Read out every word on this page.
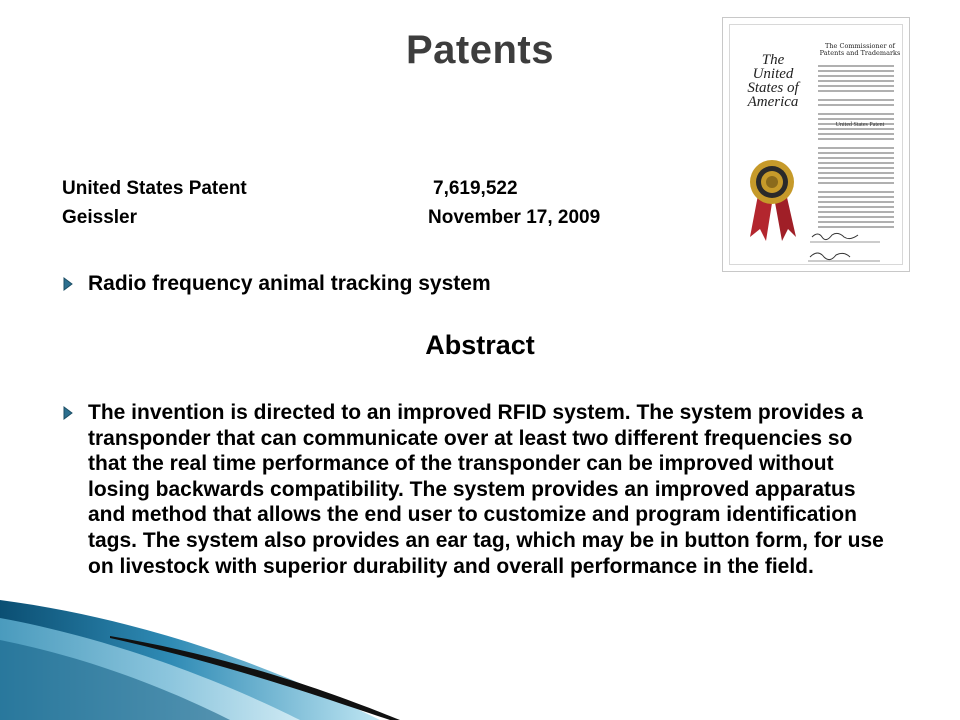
Patents	The Commissioner of
Patents and Trademarks
The United States of America
United States Patent
United States Patent	7,619,522
Geissler	November 17, 2009
Radio frequency animal tracking system
Abstract
The invention is directed to an improved RFID system. The system provides a transponder that can communicate over at least two different frequencies so that the real time performance of the transponder can be improved without losing backwards compatibility. The system provides an improved apparatus and method that allows the end user to customize and program identification tags. The system also provides an ear tag, which may be in button form, for use on livestock with superior durability and overall performance in the field.
